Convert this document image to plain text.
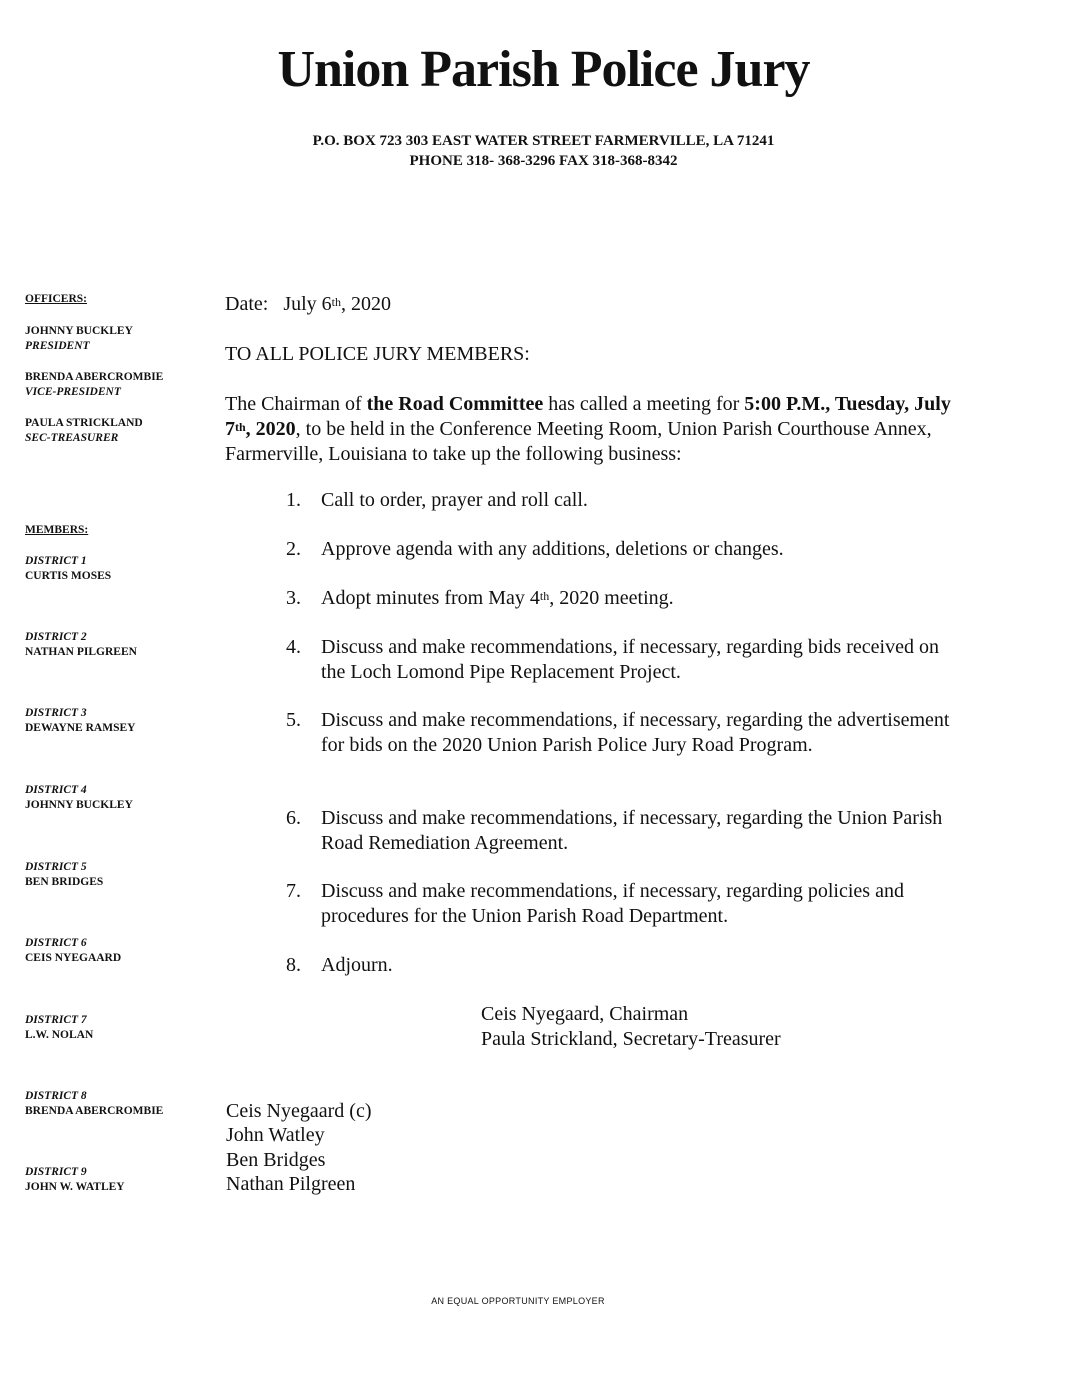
Union Parish Police Jury
P.O. BOX 723 303 EAST WATER STREET FARMERVILLE, LA 71241
PHONE 318- 368-3296 FAX 318-368-8342
OFFICERS:
JOHNNY BUCKLEY
PRESIDENT
BRENDA ABERCROMBIE
VICE-PRESIDENT
PAULA STRICKLAND
SEC-TREASURER
MEMBERS:
DISTRICT 1
CURTIS MOSES
DISTRICT 2
NATHAN PILGREEN
DISTRICT 3
DEWAYNE RAMSEY
DISTRICT 4
JOHNNY BUCKLEY
DISTRICT 5
BEN BRIDGES
DISTRICT 6
CEIS NYEGAARD
DISTRICT 7
L.W. NOLAN
DISTRICT 8
BRENDA ABERCROMBIE
DISTRICT 9
JOHN W. WATLEY
Date: July 6th, 2020
TO ALL POLICE JURY MEMBERS:
The Chairman of the Road Committee has called a meeting for 5:00 P.M., Tuesday, July 7th, 2020, to be held in the Conference Meeting Room, Union Parish Courthouse Annex, Farmerville, Louisiana to take up the following business:
1. Call to order, prayer and roll call.
2. Approve agenda with any additions, deletions or changes.
3. Adopt minutes from May 4th, 2020 meeting.
4. Discuss and make recommendations, if necessary, regarding bids received on the Loch Lomond Pipe Replacement Project.
5. Discuss and make recommendations, if necessary, regarding the advertisement for bids on the 2020 Union Parish Police Jury Road Program.
6. Discuss and make recommendations, if necessary, regarding the Union Parish Road Remediation Agreement.
7. Discuss and make recommendations, if necessary, regarding policies and procedures for the Union Parish Road Department.
8. Adjourn.
Ceis Nyegaard, Chairman
Paula Strickland, Secretary-Treasurer
Ceis Nyegaard (c)
John Watley
Ben Bridges
Nathan Pilgreen
AN EQUAL OPPORTUNITY EMPLOYER
